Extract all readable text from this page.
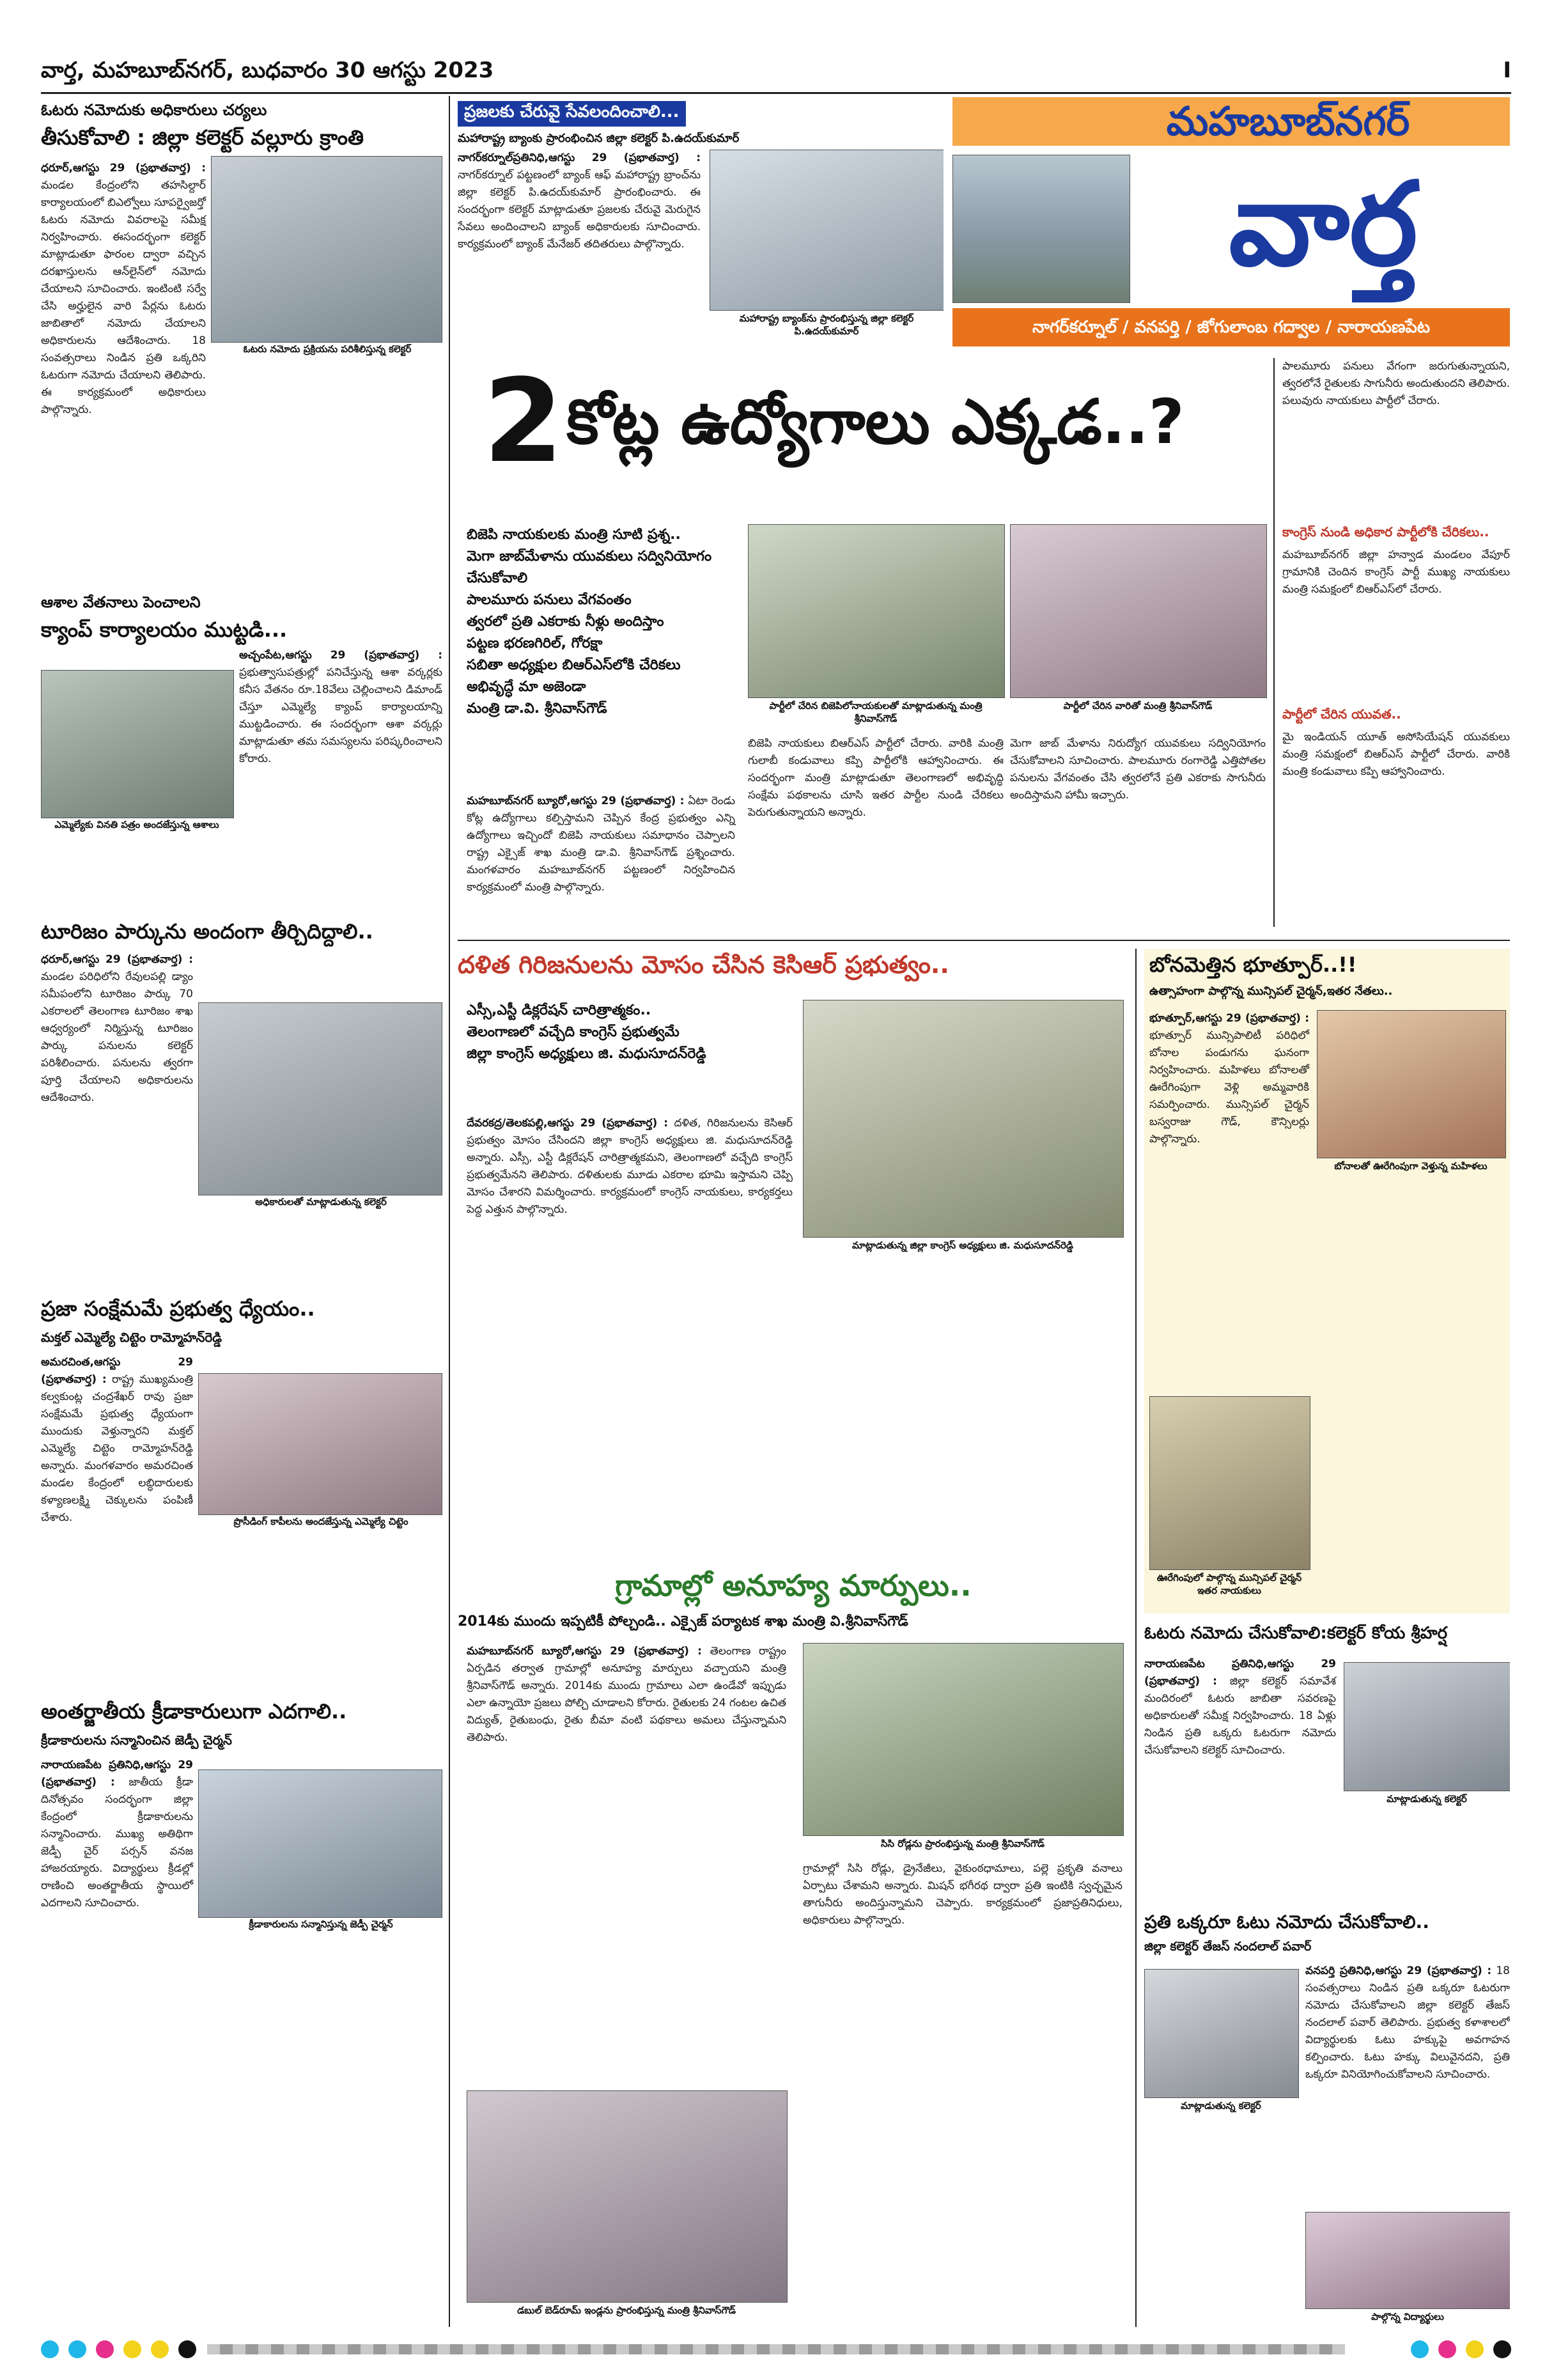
వార్త, మహబూబ్‌నగర్, బుధవారం 30 ఆగస్టు 2023	I
ఓటరు నమోదుకు అధికారులు చర్యలు
తీసుకోవాలి : జిల్లా కలెక్టర్ వల్లూరు క్రాంతి
ఓటరు నమోదు ప్రక్రియను పరిశీలిస్తున్న కలెక్టర్
ధరూర్,ఆగస్టు 29 (ప్రభాతవార్త) : మండల కేంద్రంలోని తహసిల్దార్ కార్యాలయంలో బిఎల్వోలు సూపర్వైజర్తో ఓటరు నమోదు వివరాలపై సమీక్ష నిర్వహించారు. ఈసందర్భంగా కలెక్టర్ మాట్లాడుతూ ఫారంల ద్వారా వచ్చిన దరఖాస్తులను ఆన్‌లైన్‌లో నమోదు చేయాలని సూచించారు. ఇంటింటి సర్వే చేసి అర్హులైన వారి పేర్లను ఓటరు జాబితాలో నమోదు చేయాలని అధికారులను ఆదేశించారు. 18 సంవత్సరాలు నిండిన ప్రతి ఒక్కరిని ఓటరుగా నమోదు చేయాలని తెలిపారు. ఈ కార్యక్రమంలో అధికారులు పాల్గొన్నారు.
ఆశాల వేతనాలు పెంచాలని
క్యాంప్ కార్యాలయం ముట్టడి...
ఎమ్మెల్యేకు వినతి పత్రం అందజేస్తున్న ఆశాలు
అచ్చంపేట,ఆగస్టు 29 (ప్రభాతవార్త) : ప్రభుత్వాసుపత్రుల్లో పనిచేస్తున్న ఆశా వర్కర్లకు కనీస వేతనం రూ.18వేలు చెల్లించాలని డిమాండ్ చేస్తూ ఎమ్మెల్యే క్యాంప్ కార్యాలయాన్ని ముట్టడించారు. ఈ సందర్భంగా ఆశా వర్కర్లు మాట్లాడుతూ తమ సమస్యలను పరిష్కరించాలని కోరారు.
టూరిజం పార్కును అందంగా తీర్చిదిద్దాలి..
అధికారులతో మాట్లాడుతున్న కలెక్టర్
ధరూర్,ఆగస్టు 29 (ప్రభాతవార్త) : మండల పరిధిలోని రేవులపల్లి డ్యాం సమీపంలోని టూరిజం పార్కు 70 ఎకరాలలో తెలంగాణ టూరిజం శాఖ ఆధ్వర్యంలో నిర్మిస్తున్న టూరిజం పార్కు పనులను కలెక్టర్ పరిశీలించారు. పనులను త్వరగా పూర్తి చేయాలని అధికారులను ఆదేశించారు.
ప్రజా సంక్షేమమే ప్రభుత్వ ధ్యేయం..
మక్తల్ ఎమ్మెల్యే చిట్టెం రామ్మోహన్‌రెడ్డి
ప్రొసీడింగ్ కాపీలను అందజేస్తున్న ఎమ్మెల్యే చిట్టెం
అమరచింత,ఆగస్టు 29 (ప్రభాతవార్త) : రాష్ట్ర ముఖ్యమంత్రి కల్వకుంట్ల చంద్రశేఖర్ రావు ప్రజా సంక్షేమమే ప్రభుత్వ ధ్యేయంగా ముందుకు వెళ్తున్నారని మక్తల్ ఎమ్మెల్యే చిట్టెం రామ్మోహన్‌రెడ్డి అన్నారు. మంగళవారం అమరచింత మండల కేంద్రంలో లబ్ధిదారులకు కళ్యాణలక్ష్మి చెక్కులను పంపిణీ చేశారు.
అంతర్జాతీయ క్రీడాకారులుగా ఎదగాలి..
క్రీడాకారులను సన్మానించిన జెడ్పీ చైర్మన్
క్రీడాకారులను సన్మానిస్తున్న జెడ్పీ చైర్మన్
నారాయణపేట ప్రతినిధి,ఆగస్టు 29 (ప్రభాతవార్త) : జాతీయ క్రీడా దినోత్సవం సందర్భంగా జిల్లా కేంద్రంలో క్రీడాకారులను సన్మానించారు. ముఖ్య అతిథిగా జెడ్పీ చైర్ పర్సన్ వనజ హాజరయ్యారు. విద్యార్థులు క్రీడల్లో రాణించి అంతర్జాతీయ స్థాయిలో ఎదగాలని సూచించారు.
ప్రజలకు చేరువై సేవలందించాలి...
మహారాష్ట్ర బ్యాంకు ప్రారంభించిన జిల్లా కలెక్టర్ పి.ఉదయ్‌కుమార్
నాగర్‌కర్నూల్‌ప్రతినిధి,ఆగస్టు 29 (ప్రభాతవార్త) : నాగర్‌కర్నూల్ పట్టణంలో బ్యాంక్ ఆఫ్ మహారాష్ట్ర బ్రాంచ్‌ను జిల్లా కలెక్టర్ పి.ఉదయ్‌కుమార్ ప్రారంభించారు. ఈ సందర్భంగా కలెక్టర్ మాట్లాడుతూ ప్రజలకు చేరువై మెరుగైన సేవలు అందించాలని బ్యాంక్ అధికారులకు సూచించారు. కార్యక్రమంలో బ్యాంక్ మేనేజర్ తదితరులు పాల్గొన్నారు.
మహారాష్ట్ర బ్యాంక్‌ను ప్రారంభిస్తున్న జిల్లా కలెక్టర్ పి.ఉదయ్‌కుమార్
మహబూబ్‌నగర్
వార్త
నాగర్‌కర్నూల్ / వనపర్తి / జోగులాంబ గద్వాల / నారాయణపేట
2 కోట్ల ఉద్యోగాలు ఎక్కడ..?
బిజెపి నాయకులకు మంత్రి సూటి ప్రశ్న..
మెగా జాబ్‌మేళాను యువకులు సద్వినియోగం చేసుకోవాలి
పాలమూరు పనులు వేగవంతం
త్వరలో ప్రతి ఎకరాకు నీళ్లు అందిస్తాం
పట్టణ భరణగిరిల్, గోరక్షా
సబితా అధ్యక్షుల బిఆర్ఎస్‌లోకి చేరికలు
అభివృద్ధే మా అజెండా
మంత్రి డా.వి. శ్రీనివాస్‌గౌడ్	పార్టీలో చేరిన బిజెపిలోనాయకులతో మాట్లాడుతున్న మంత్రి శ్రీనివాస్‌గౌడ్
పార్టీలో చేరిన వారితో మంత్రి శ్రీనివాస్‌గౌడ్
మహబూబ్‌నగర్ బ్యూరో,ఆగస్టు 29 (ప్రభాతవార్త) : ఏటా రెండు కోట్ల ఉద్యోగాలు కల్పిస్తామని చెప్పిన కేంద్ర ప్రభుత్వం ఎన్ని ఉద్యోగాలు ఇచ్చిందో బిజెపి నాయకులు సమాధానం చెప్పాలని రాష్ట్ర ఎక్సైజ్ శాఖ మంత్రి డా.వి. శ్రీనివాస్‌గౌడ్ ప్రశ్నించారు. మంగళవారం మహబూబ్‌నగర్ పట్టణంలో నిర్వహించిన కార్యక్రమంలో మంత్రి పాల్గొన్నారు.
బిజెపి నాయకులు బిఆర్ఎస్ పార్టీలో చేరారు. వారికి మంత్రి గులాబీ కండువాలు కప్పి పార్టీలోకి ఆహ్వానించారు. ఈ సందర్భంగా మంత్రి మాట్లాడుతూ తెలంగాణలో అభివృద్ధి సంక్షేమ పథకాలను చూసి ఇతర పార్టీల నుండి చేరికలు పెరుగుతున్నాయని అన్నారు.
మెగా జాబ్ మేళాను నిరుద్యోగ యువకులు సద్వినియోగం చేసుకోవాలని సూచించారు. పాలమూరు రంగారెడ్డి ఎత్తిపోతల పనులను వేగవంతం చేసి త్వరలోనే ప్రతి ఎకరాకు సాగునీరు అందిస్తామని హామీ ఇచ్చారు.
పాలమూరు పనులు వేగంగా జరుగుతున్నాయని, త్వరలోనే రైతులకు సాగునీరు అందుతుందని తెలిపారు. పలువురు నాయకులు పార్టీలో చేరారు.
కాంగ్రెస్ నుండి అధికార పార్టీలోకి చేరికలు..
మహబూబ్‌నగర్ జిల్లా హన్వాడ మండలం వేపూర్ గ్రామానికి చెందిన కాంగ్రెస్ పార్టీ ముఖ్య నాయకులు మంత్రి సమక్షంలో బిఆర్ఎస్‌లో చేరారు.
పార్టీలో చేరిన యువత..
మై ఇండియన్ యూత్ అసోసియేషన్ యువకులు మంత్రి సమక్షంలో బిఆర్ఎస్ పార్టీలో చేరారు. వారికి మంత్రి కండువాలు కప్పి ఆహ్వానించారు.
దళిత గిరిజనులను మోసం చేసిన కెసిఆర్ ప్రభుత్వం..
ఎస్సీ,ఎస్టీ డిక్లరేషన్ చారిత్రాత్మకం..
తెలంగాణలో వచ్చేది కాంగ్రెస్ ప్రభుత్వమే
జిల్లా కాంగ్రెస్ అధ్యక్షులు జి. మధుసూదన్‌రెడ్డి
మాట్లాడుతున్న జిల్లా కాంగ్రెస్ అధ్యక్షులు జి. మధుసూదన్‌రెడ్డి
దేవరకద్ర/తెలకపల్లి,ఆగస్టు 29 (ప్రభాతవార్త) : దళిత, గిరిజనులను కెసిఆర్ ప్రభుత్వం మోసం చేసిందని జిల్లా కాంగ్రెస్ అధ్యక్షులు జి. మధుసూదన్‌రెడ్డి అన్నారు. ఎస్సీ, ఎస్టీ డిక్లరేషన్ చారిత్రాత్మకమని, తెలంగాణలో వచ్చేది కాంగ్రెస్ ప్రభుత్వమేనని తెలిపారు. దళితులకు మూడు ఎకరాల భూమి ఇస్తామని చెప్పి మోసం చేశారని విమర్శించారు. కార్యక్రమంలో కాంగ్రెస్ నాయకులు, కార్యకర్తలు పెద్ద ఎత్తున పాల్గొన్నారు.
గ్రామాల్లో అనూహ్య మార్పులు..
2014కు ముందు ఇప్పటికీ పోల్చండి.. ఎక్సైజ్ పర్యాటక శాఖ మంత్రి వి.శ్రీనివాస్‌గౌడ్
మహబూబ్‌నగర్ బ్యూరో,ఆగస్టు 29 (ప్రభాతవార్త) : తెలంగాణ రాష్ట్రం ఏర్పడిన తర్వాత గ్రామాల్లో అనూహ్య మార్పులు వచ్చాయని మంత్రి శ్రీనివాస్‌గౌడ్ అన్నారు. 2014కు ముందు గ్రామాలు ఎలా ఉండేవో ఇప్పుడు ఎలా ఉన్నాయో ప్రజలు పోల్చి చూడాలని కోరారు. రైతులకు 24 గంటల ఉచిత విద్యుత్, రైతుబంధు, రైతు బీమా వంటి పథకాలు అమలు చేస్తున్నామని తెలిపారు.
సిసి రోడ్లను ప్రారంభిస్తున్న మంత్రి శ్రీనివాస్‌గౌడ్
గ్రామాల్లో సిసి రోడ్లు, డ్రైనేజీలు, వైకుంఠధామాలు, పల్లె ప్రకృతి వనాలు ఏర్పాటు చేశామని అన్నారు. మిషన్ భగీరథ ద్వారా ప్రతి ఇంటికి స్వచ్ఛమైన తాగునీరు అందిస్తున్నామని చెప్పారు. కార్యక్రమంలో ప్రజాప్రతినిధులు, అధికారులు పాల్గొన్నారు.
డబుల్ బెడ్‌రూమ్ ఇండ్లను ప్రారంభిస్తున్న మంత్రి శ్రీనివాస్‌గౌడ్
బోనమెత్తిన భూత్పూర్..!!
ఉత్సాహంగా పాల్గొన్న మున్సిపల్ చైర్మన్,ఇతర నేతలు..
భూత్పూర్,ఆగస్టు 29 (ప్రభాతవార్త) : భూత్పూర్ మున్సిపాలిటీ పరిధిలో బోనాల పండుగను ఘనంగా నిర్వహించారు. మహిళలు బోనాలతో ఊరేగింపుగా వెళ్లి అమ్మవారికి సమర్పించారు. మున్సిపల్ చైర్మన్ బస్వరాజు గౌడ్, కౌన్సిలర్లు పాల్గొన్నారు.
బోనాలతో ఊరేగింపుగా వెళ్తున్న మహిళలు
ఊరేగింపులో పాల్గొన్న మున్సిపల్ చైర్మన్ ఇతర నాయకులు
ఓటరు నమోదు చేసుకోవాలి:కలెక్టర్ కోయ శ్రీహర్ష
నారాయణపేట ప్రతినిధి,ఆగస్టు 29 (ప్రభాతవార్త) : జిల్లా కలెక్టర్ సమావేశ మందిరంలో ఓటరు జాబితా సవరణపై అధికారులతో సమీక్ష నిర్వహించారు. 18 ఏళ్లు నిండిన ప్రతి ఒక్కరు ఓటరుగా నమోదు చేసుకోవాలని కలెక్టర్ సూచించారు.
మాట్లాడుతున్న కలెక్టర్
ప్రతి ఒక్కరూ ఓటు నమోదు చేసుకోవాలి..
జిల్లా కలెక్టర్ తేజస్ నందలాల్ పవార్
మాట్లాడుతున్న కలెక్టర్
వనపర్తి ప్రతినిధి,ఆగస్టు 29 (ప్రభాతవార్త) : 18 సంవత్సరాలు నిండిన ప్రతి ఒక్కరూ ఓటరుగా నమోదు చేసుకోవాలని జిల్లా కలెక్టర్ తేజస్ నందలాల్ పవార్ తెలిపారు. ప్రభుత్వ కళాశాలలో విద్యార్థులకు ఓటు హక్కుపై అవగాహన కల్పించారు. ఓటు హక్కు విలువైనదని, ప్రతి ఒక్కరూ వినియోగించుకోవాలని సూచించారు.
పాల్గొన్న విద్యార్థులు
